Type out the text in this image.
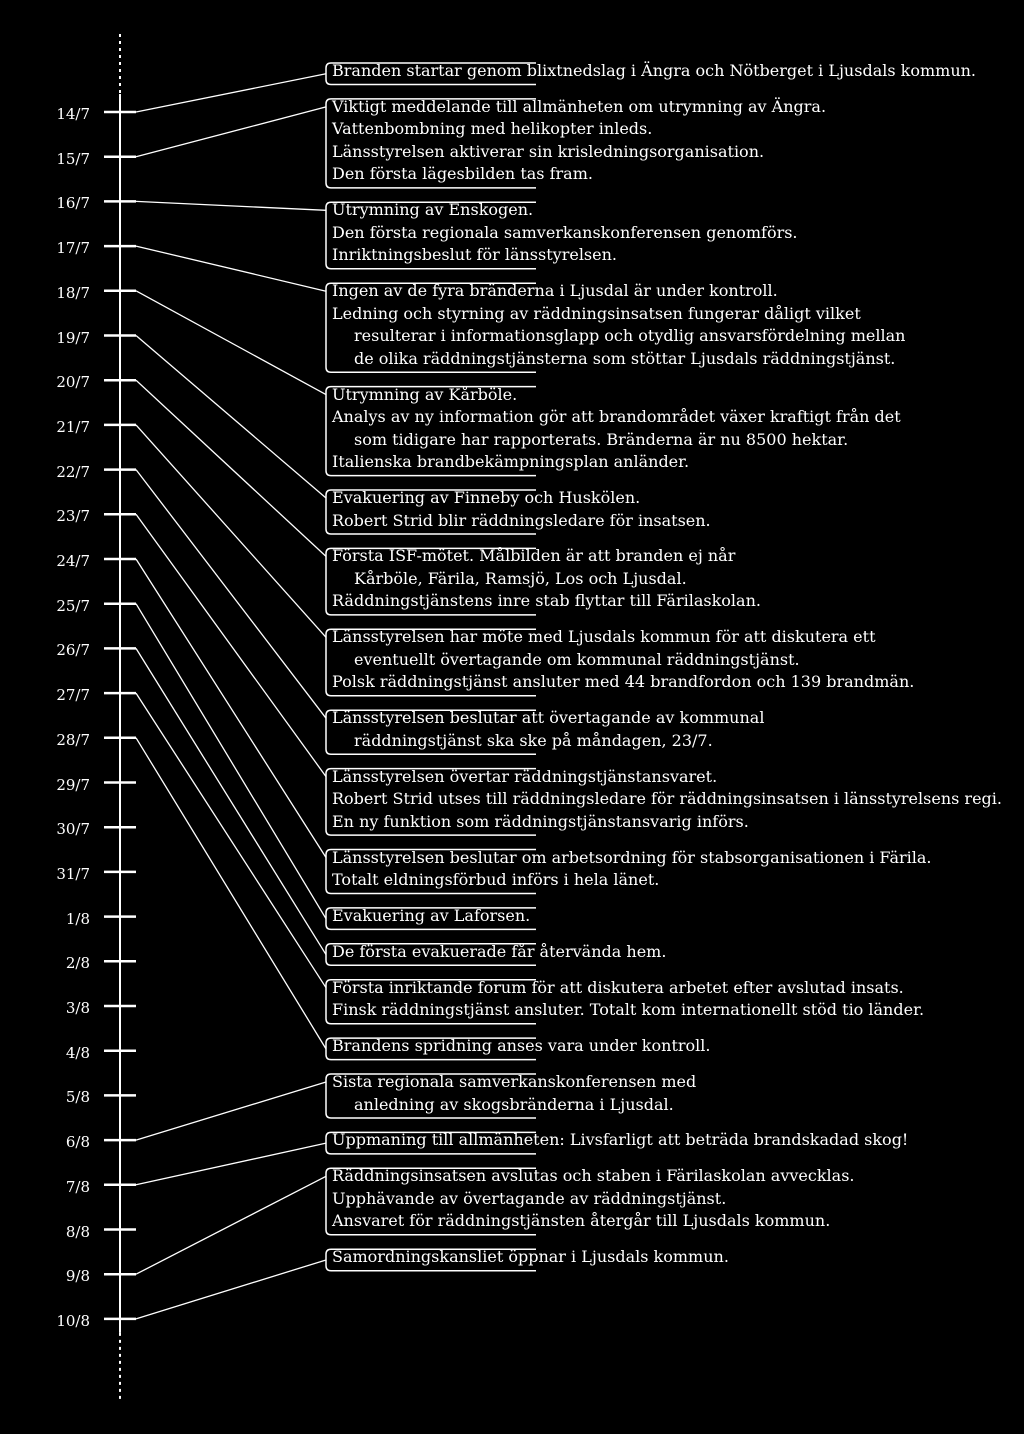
14/7
15/7
16/7
17/7
18/7
19/7
20/7
21/7
22/7
23/7
24/7
25/7
26/7
27/7
28/7
29/7
30/7
31/7
1/8
2/8
3/8
4/8
5/8
6/8
7/8
8/8
9/8
10/8
Branden startar genom blixtnedslag i Ängra och Nötberget i Ljusdals kommun.
Viktigt meddelande till allmänheten om utrymning av Ängra.
Vattenbombning med helikopter inleds.
Länsstyrelsen aktiverar sin krisledningsorganisation.
Den första lägesbilden tas fram.
Utrymning av Enskogen.
Den första regionala samverkanskonferensen genomförs.
Inriktningsbeslut för länsstyrelsen.
Ingen av de fyra bränderna i Ljusdal är under kontroll.
Ledning och styrning av räddningsinsatsen fungerar dåligt vilket
resulterar i informationsglapp och otydlig ansvarsfördelning mellan
de olika räddningstjänsterna som stöttar Ljusdals räddningstjänst.
Utrymning av Kårböle.
Analys av ny information gör att brandområdet växer kraftigt från det
som tidigare har rapporterats. Bränderna är nu 8500 hektar.
Italienska brandbekämpningsplan anländer.
Evakuering av Finneby och Huskölen.
Robert Strid blir räddningsledare för insatsen.
Första ISF-mötet. Målbilden är att branden ej når
Kårböle, Färila, Ramsjö, Los och Ljusdal.
Räddningstjänstens inre stab flyttar till Färilaskolan.
Länsstyrelsen har möte med Ljusdals kommun för att diskutera ett
eventuellt övertagande om kommunal räddningstjänst.
Polsk räddningstjänst ansluter med 44 brandfordon och 139 brandmän.
Länsstyrelsen beslutar att övertagande av kommunal
räddningstjänst ska ske på måndagen, 23/7.
Länsstyrelsen övertar räddningstjänstansvaret.
Robert Strid utses till räddningsledare för räddningsinsatsen i länsstyrelsens regi.
En ny funktion som räddningstjänstansvarig införs.
Länsstyrelsen beslutar om arbetsordning för stabsorganisationen i Färila.
Totalt eldningsförbud införs i hela länet.
Evakuering av Laforsen.
De första evakuerade får återvända hem.
Första inriktande forum för att diskutera arbetet efter avslutad insats.
Finsk räddningstjänst ansluter. Totalt kom internationellt stöd tio länder.
Brandens spridning anses vara under kontroll.
Sista regionala samverkanskonferensen med
anledning av skogsbränderna i Ljusdal.
Uppmaning till allmänheten: Livsfarligt att beträda brandskadad skog!
Räddningsinsatsen avslutas och staben i Färilaskolan avvecklas.
Upphävande av övertagande av räddningstjänst.
Ansvaret för räddningstjänsten återgår till Ljusdals kommun.
Samordningskansliet öppnar i Ljusdals kommun.
